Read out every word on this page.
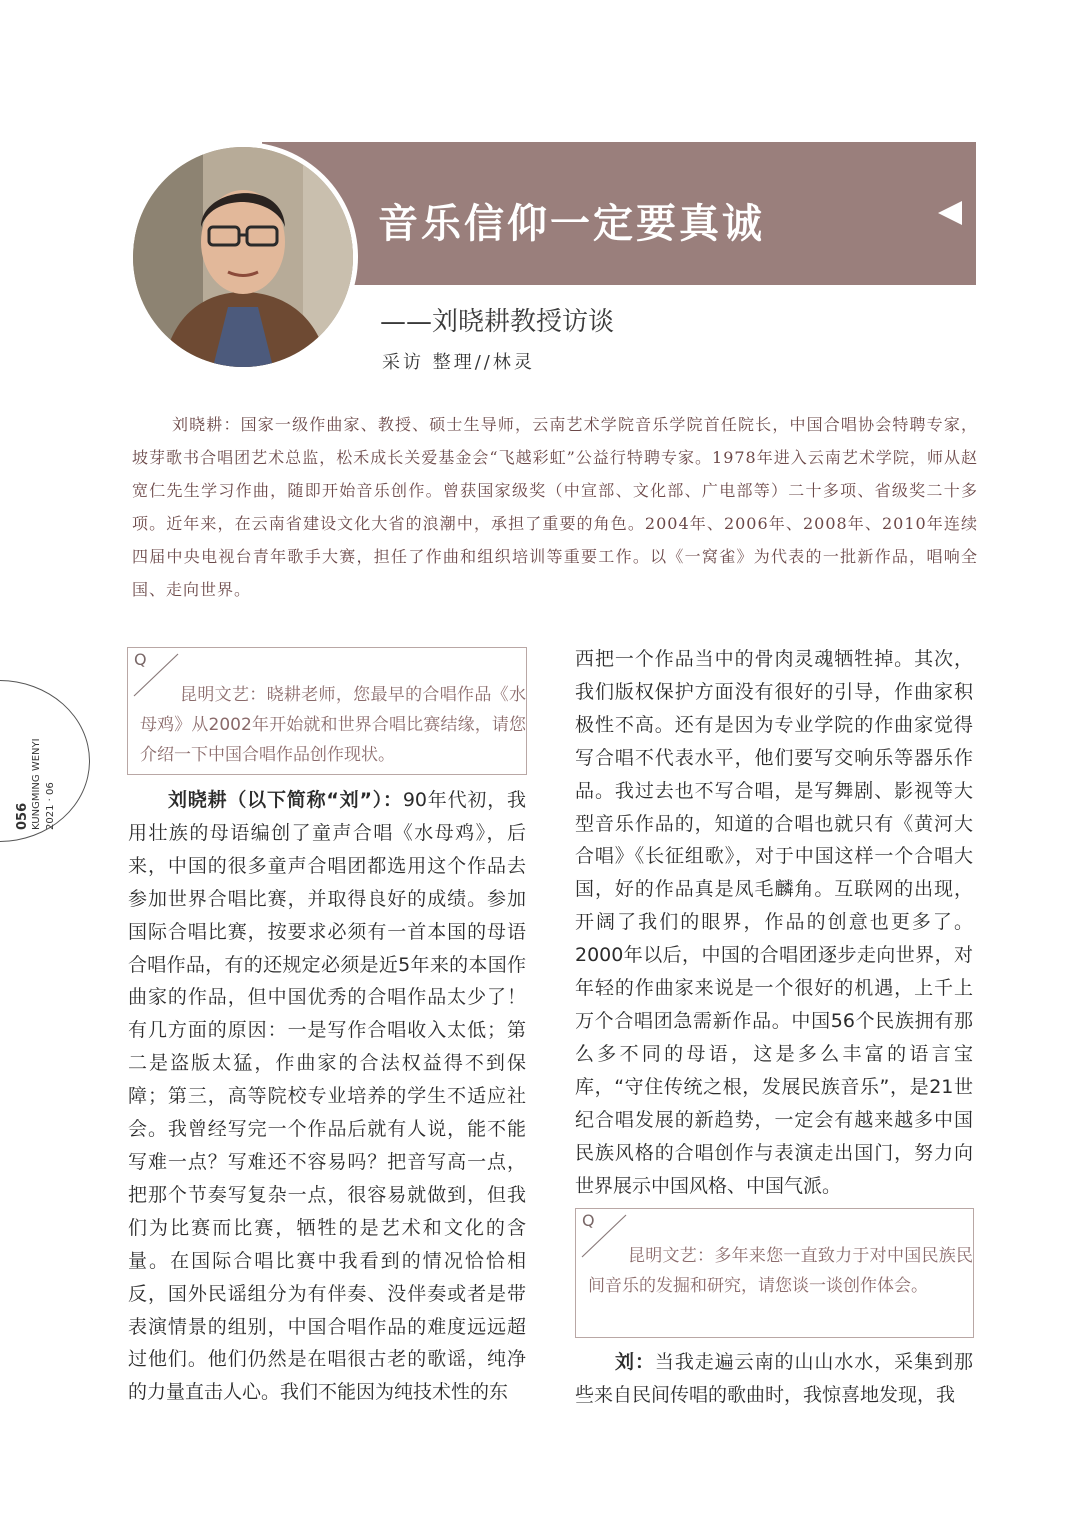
音乐信仰一定要真诚
——刘晓耕教授访谈
采访 整理//林灵
刘晓耕：国家一级作曲家、教授、硕士生导师，云南艺术学院音乐学院首任院长，中国合唱协会特聘专家，坡芽歌书合唱团艺术总监，松禾成长关爱基金会“飞越彩虹”公益行特聘专家。1978年进入云南艺术学院，师从赵宽仁先生学习作曲，随即开始音乐创作。曾获国家级奖（中宣部、文化部、广电部等）二十多项、省级奖二十多项。近年来，在云南省建设文化大省的浪潮中，承担了重要的角色。2004年、2006年、2008年、2010年连续四届中央电视台青年歌手大赛，担任了作曲和组织培训等重要工作。以《一窝雀》为代表的一批新作品，唱响全国、走向世界。
056 KUNGMING WENYI 2021 · 06
Q
昆明文艺：晓耕老师，您最早的合唱作品《水母鸡》从2002年开始就和世界合唱比赛结缘，请您介绍一下中国合唱作品创作现状。
刘晓耕（以下简称“刘”）：90年代初，我用壮族的母语编创了童声合唱《水母鸡》，后来，中国的很多童声合唱团都选用这个作品去参加世界合唱比赛，并取得良好的成绩。参加国际合唱比赛，按要求必须有一首本国的母语合唱作品，有的还规定必须是近5年来的本国作曲家的作品，但中国优秀的合唱作品太少了！有几方面的原因：一是写作合唱收入太低；第二是盗版太猛，作曲家的合法权益得不到保障；第三，高等院校专业培养的学生不适应社会。我曾经写完一个作品后就有人说，能不能写难一点？写难还不容易吗？把音写高一点，把那个节奏写复杂一点，很容易就做到，但我们为比赛而比赛，牺牲的是艺术和文化的含量。在国际合唱比赛中我看到的情况恰恰相反，国外民谣组分为有伴奏、没伴奏或者是带表演情景的组别，中国合唱作品的难度远远超过他们。他们仍然是在唱很古老的歌谣，纯净的力量直击人心。我们不能因为纯技术性的东
西把一个作品当中的骨肉灵魂牺牲掉。其次，我们版权保护方面没有很好的引导，作曲家积极性不高。还有是因为专业学院的作曲家觉得写合唱不代表水平，他们要写交响乐等器乐作品。我过去也不写合唱，是写舞剧、影视等大型音乐作品的，知道的合唱也就只有《黄河大合唱》《长征组歌》，对于中国这样一个合唱大国，好的作品真是凤毛麟角。互联网的出现，开阔了我们的眼界，作品的创意也更多了。2000年以后，中国的合唱团逐步走向世界，对年轻的作曲家来说是一个很好的机遇，上千上万个合唱团急需新作品。中国56个民族拥有那么多不同的母语，这是多么丰富的语言宝库，“守住传统之根，发展民族音乐”，是21世纪合唱发展的新趋势，一定会有越来越多中国民族风格的合唱创作与表演走出国门，努力向世界展示中国风格、中国气派。
Q
昆明文艺：多年来您一直致力于对中国民族民间音乐的发掘和研究，请您谈一谈创作体会。
刘：当我走遍云南的山山水水，采集到那些来自民间传唱的歌曲时，我惊喜地发现，我
